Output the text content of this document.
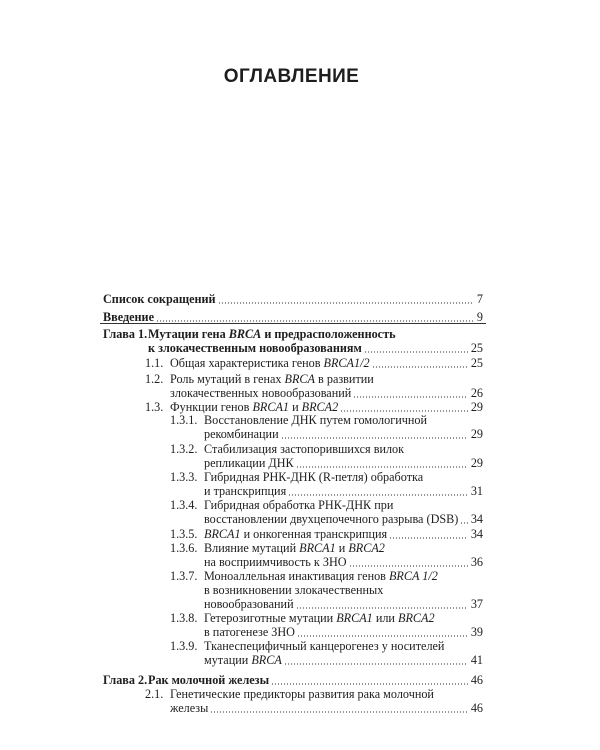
ОГЛАВЛЕНИЕ
Список сокращений	7
Введение	9
Глава 1. Мутации гена BRCA и предрасположенность
к злокачественным новообразованиям	25
1.1. Общая характеристика генов BRCA1/2	25
1.2. Роль мутаций в генах BRCA в развитии
злокачественных новообразований	26
1.3. Функции генов BRCA1 и BRCA2	29
1.3.1. Восстановление ДНК путем гомологичной
рекомбинации	29
1.3.2. Стабилизация застопорившихся вилок
репликации ДНК	29
1.3.3. Гибридная РНК-ДНК (R-петля) обработка
и транскрипция	31
1.3.4. Гибридная обработка РНК-ДНК при
восстановлении двухцепочечного разрыва (DSB) 34
1.3.5. BRCA1 и онкогенная транскрипция	34
1.3.6. Влияние мутаций BRCA1 и BRCA2
на восприимчивость к ЗНО	36
1.3.7. Моноаллельная инактивация генов BRCA 1/2
в возникновении злокачественных
новообразований	37
1.3.8. Гетерозиготные мутации BRCA1 или BRCA2
в патогенезе ЗНО	39
1.3.9. Тканеспецифичный канцерогенез у носителей
мутации BRCA	41
Глава 2. Рак молочной железы	46
2.1. Генетические предикторы развития рака молочной
железы	46
